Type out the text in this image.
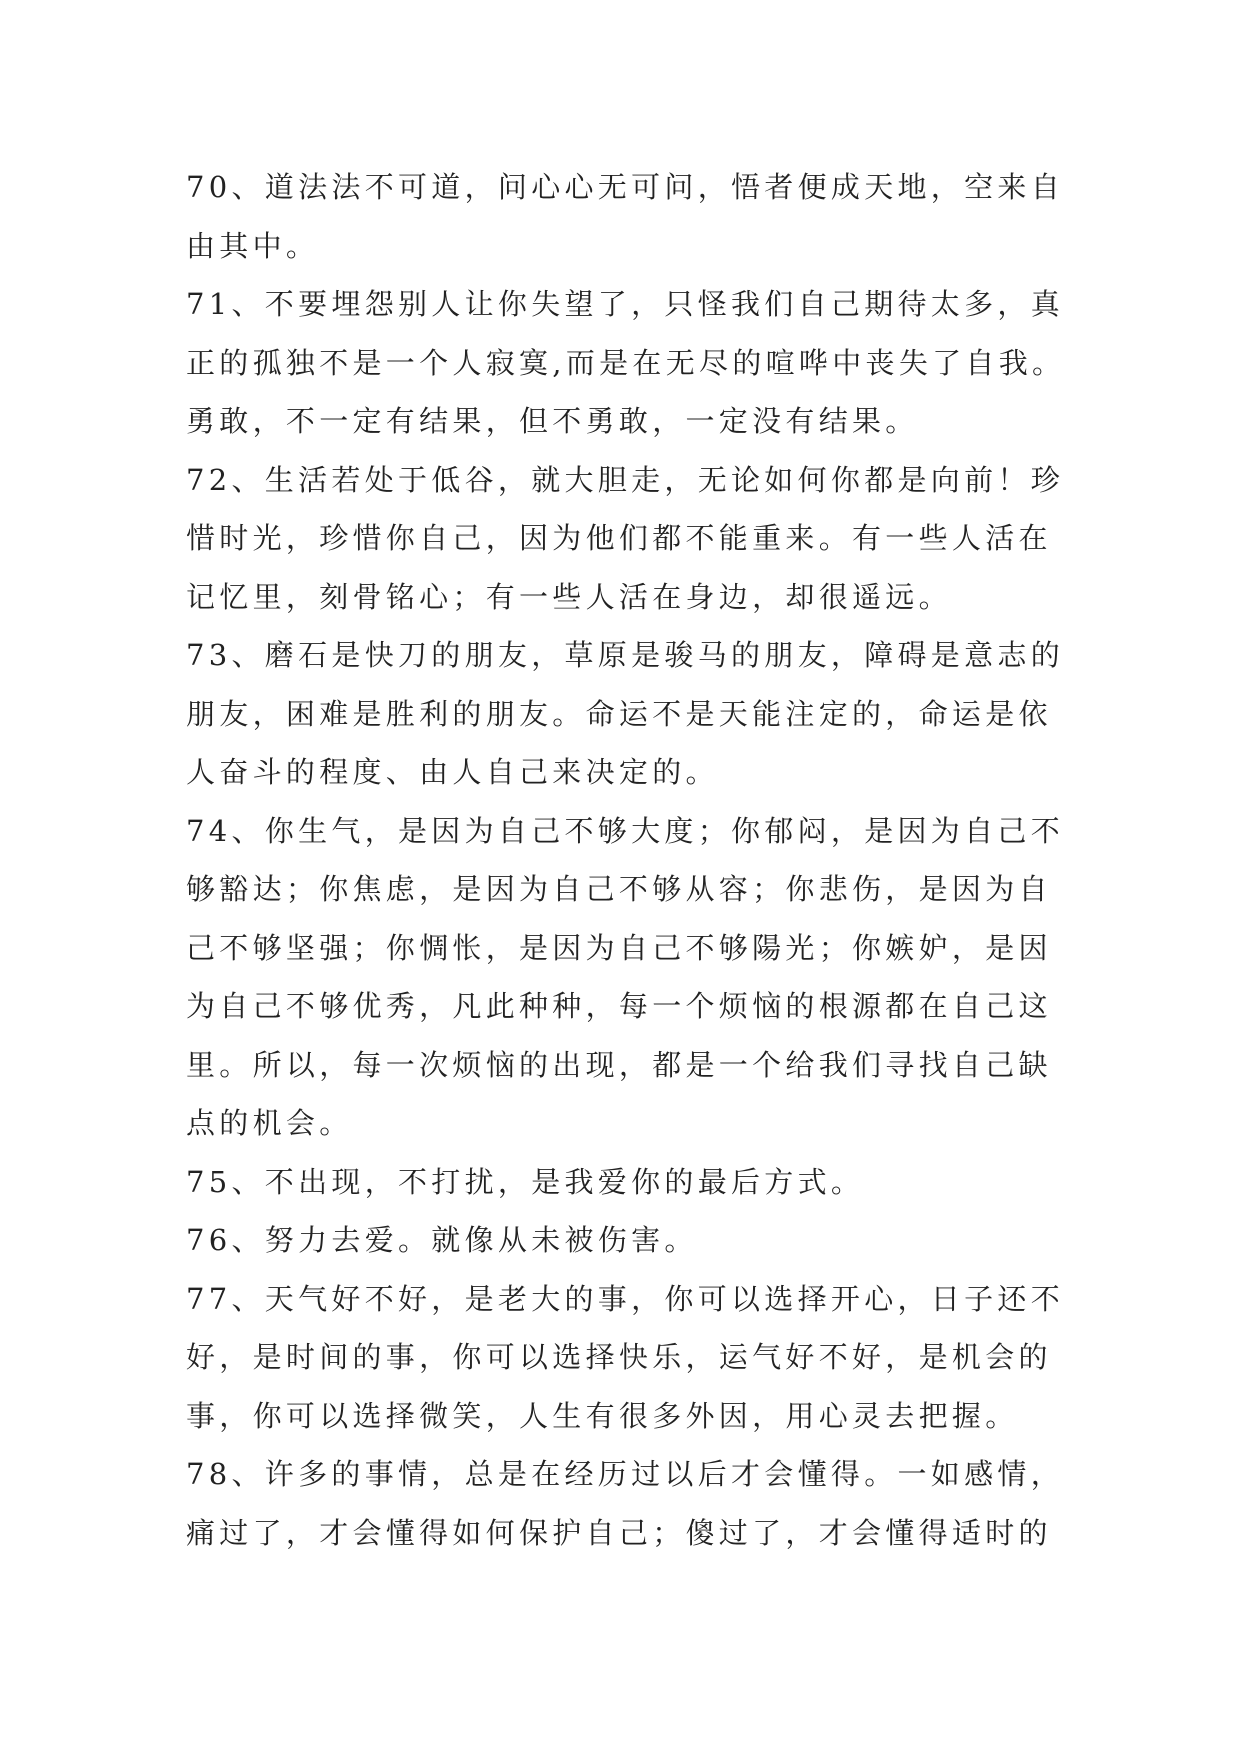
70、道法法不可道，问心心无可问，悟者便成天地，空来自
由其中。
71、不要埋怨别人让你失望了，只怪我们自己期待太多，真
正的孤独不是一个人寂寞,而是在无尽的喧哗中丧失了自我。
勇敢，不一定有结果，但不勇敢，一定没有结果。
72、生活若处于低谷，就大胆走，无论如何你都是向前！珍
惜时光，珍惜你自己，因为他们都不能重来。有一些人活在
记忆里，刻骨铭心；有一些人活在身边，却很遥远。
73、磨石是快刀的朋友，草原是骏马的朋友，障碍是意志的
朋友，困难是胜利的朋友。命运不是天能注定的，命运是依
人奋斗的程度、由人自己来决定的。
74、你生气，是因为自己不够大度；你郁闷，是因为自己不
够豁达；你焦虑，是因为自己不够从容；你悲伤，是因为自
己不够坚强；你惆怅，是因为自己不够陽光；你嫉妒，是因
为自己不够优秀，凡此种种，每一个烦恼的根源都在自己这
里。所以，每一次烦恼的出现，都是一个给我们寻找自己缺
点的机会。
75、不出现，不打扰，是我爱你的最后方式。
76、努力去爱。就像从未被伤害。
77、天气好不好，是老大的事，你可以选择开心，日子还不
好，是时间的事，你可以选择快乐，运气好不好，是机会的
事，你可以选择微笑，人生有很多外因，用心灵去把握。
78、许多的事情，总是在经历过以后才会懂得。一如感情，
痛过了，才会懂得如何保护自己；傻过了，才会懂得适时的
